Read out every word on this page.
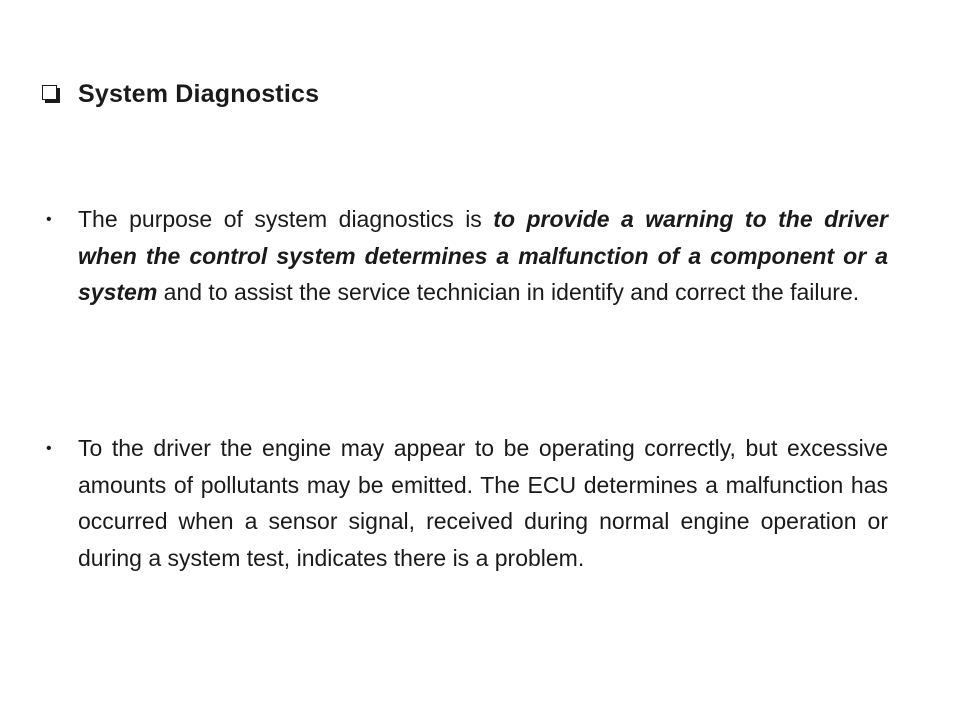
System Diagnostics
•	The purpose of system diagnostics is to provide a warning to the driver when the control system determines a malfunction of a component or a system and to assist the service technician in identify and correct the failure.
•	To the driver the engine may appear to be operating correctly, but excessive amounts of pollutants may be emitted. The ECU determines a malfunction has occurred when a sensor signal, received during normal engine operation or during a system test, indicates there is a problem.
